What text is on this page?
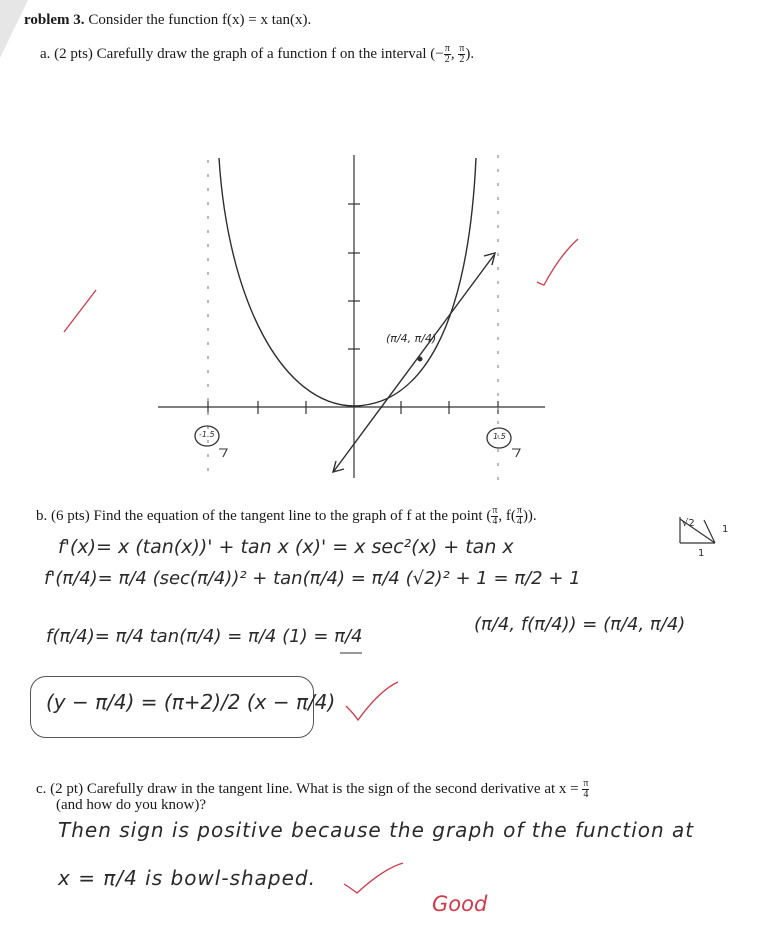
roblem 3. Consider the function f(x) = x tan(x).
a. (2 pts) Carefully draw the graph of a function f on the interval (− $\frac{\pi}{2}$ , $\frac{\pi}{2}$ ).
b. (6 pts) Find the equation of the tangent line to the graph of f at the point ( $\frac{\pi}{4}$ , $f( \frac{\pi}{4}$ )).
c. (2 pt) Carefully draw in the tangent line. What is the sign of the second derivative at $x = \frac{\pi}{4}$
(and how do you know)?
-1.5	1.5
(π/4, π/4)
f'(x)= x (tan(x))' + tan x (x)' = x sec²(x) + tan x
f'(π/4)= π/4 (sec(π/4))² + tan(π/4) = π/4 (√2)² + 1 = π/2 + 1
f(π/4)= π/4 tan(π/4) = π/4 (1) = π/4
(π/4, f(π/4)) = (π/4, π/4)
(y − π/4) = (π+2)/2 (x − π/4)
√2
1
1
Then sign is positive because the graph of the function at
x = π/4 is bowl-shaped.
Good
